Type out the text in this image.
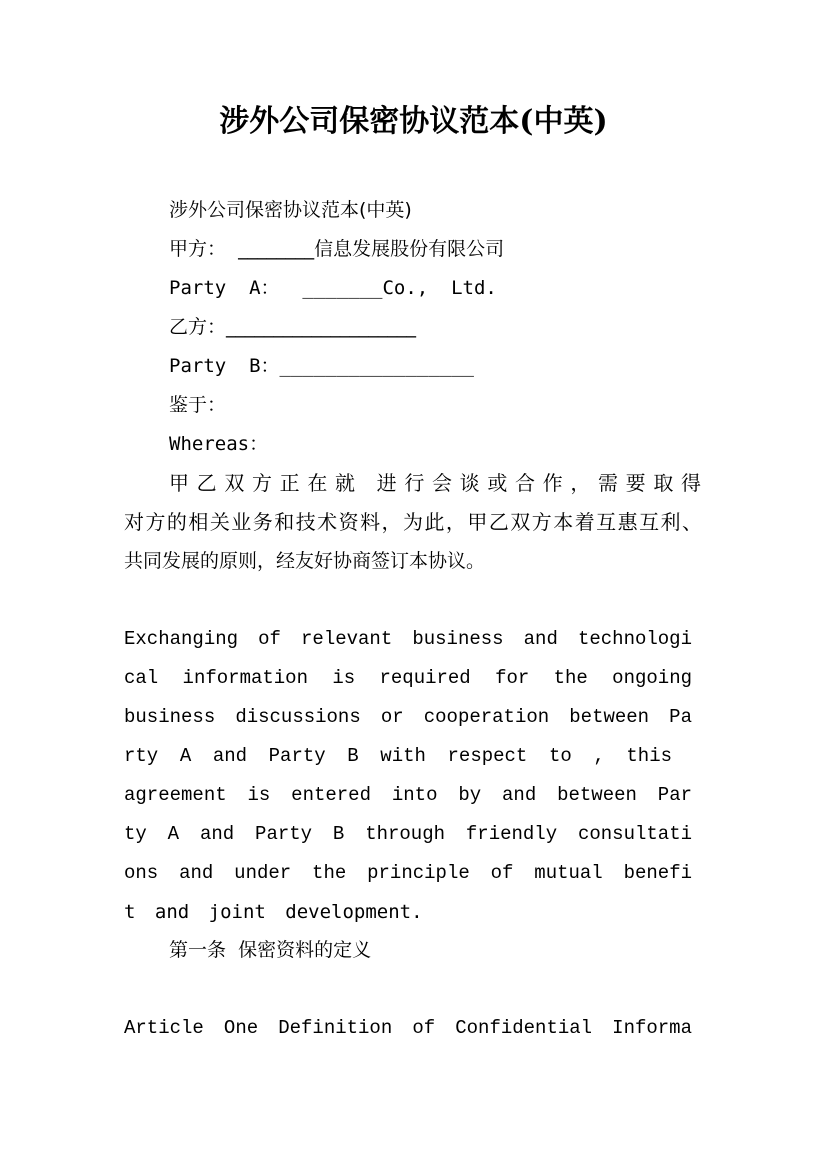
涉外公司保密协议范本(中英)
涉外公司保密协议范本(中英)
甲方：  ________信息发展股份有限公司
Party  A：  _______Co.,  Ltd.
乙方：____________________
Party  B：_________________
鉴于：
Whereas：
甲乙双方正在就 进行会谈或合作，需要取得
对方的相关业务和技术资料，为此，甲乙双方本着互惠互利、
共同发展的原则，经友好协商签订本协议。
Exchanging of relevant business and technologi
cal information is required for the ongoing
business discussions or cooperation between Pa
rty A and Party B with respect to , this
agreement is entered into by and between Par
ty A and Party B through friendly consultati
ons and under the principle of mutual benefi
t and joint development.
第一条  保密资料的定义
Article One Definition of Confidential Informa
